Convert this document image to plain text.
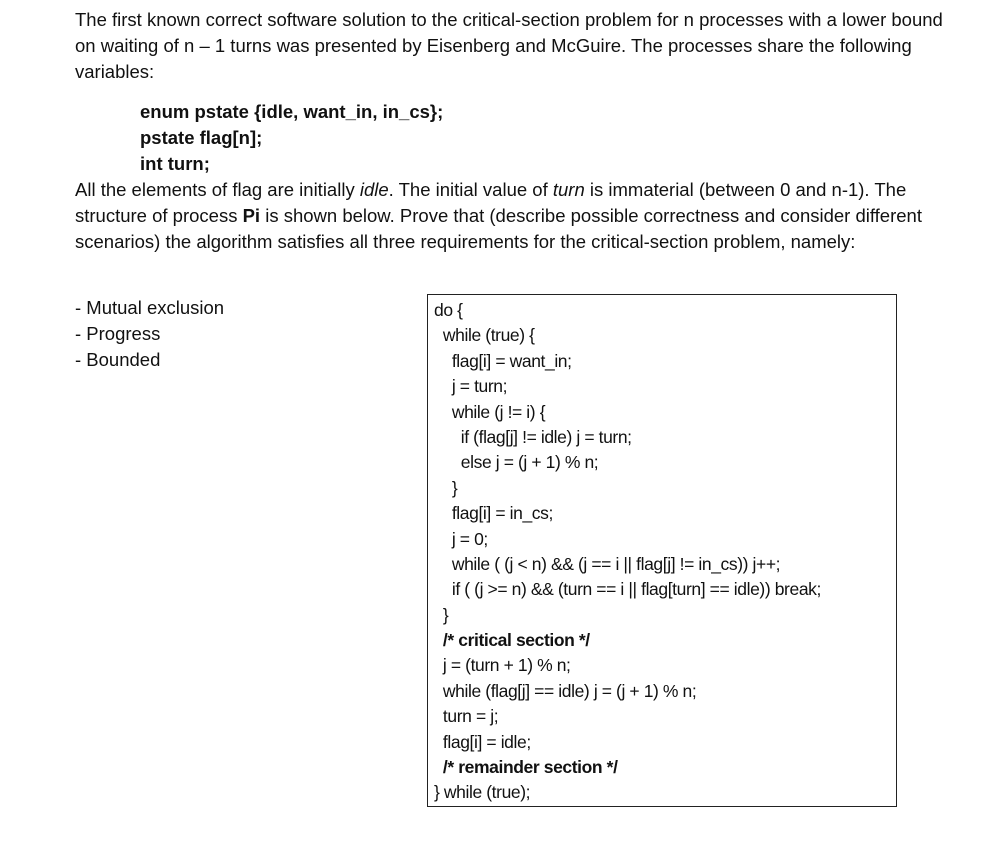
The first known correct software solution to the critical-section problem for n processes with a lower bound on waiting of n – 1 turns was presented by Eisenberg and McGuire. The processes share the following variables:
enum pstate {idle, want_in, in_cs};
pstate flag[n];
int turn;
All the elements of flag are initially idle. The initial value of turn is immaterial (between 0 and n-1). The structure of process Pi is shown below. Prove that (describe possible correctness and consider different scenarios) the algorithm satisfies all three requirements for the critical-section problem, namely:
- Mutual exclusion
- Progress
- Bounded
do {
while (true) {
flag[i] = want_in;
j = turn;
while (j != i) {
if (flag[j] != idle) j = turn;
else j = (j + 1) % n;
}
flag[i] = in_cs;
j = 0;
while ( (j < n) && (j == i || flag[j] != in_cs)) j++;
if ( (j >= n) && (turn == i || flag[turn] == idle)) break;
}
/* critical section */
j = (turn + 1) % n;
while (flag[j] == idle) j = (j + 1) % n;
turn = j;
flag[i] = idle;
/* remainder section */
} while (true);
